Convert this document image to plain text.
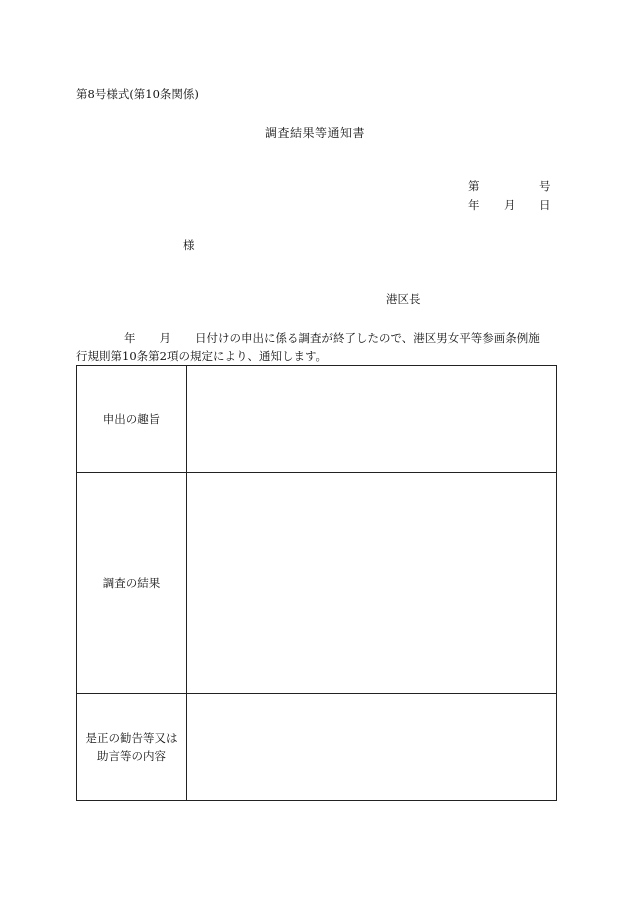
第8号様式(第10条関係)
調査結果等通知書
第	号
年 月 日
様
港区長
年 月 日付けの申出に係る調査が終了したので、港区男女平等参画条例施
行規則第10条第2項の規定により、通知します。
申出の趣旨	

調査の結果	

是正の勧告等又は
助言等の内容	
